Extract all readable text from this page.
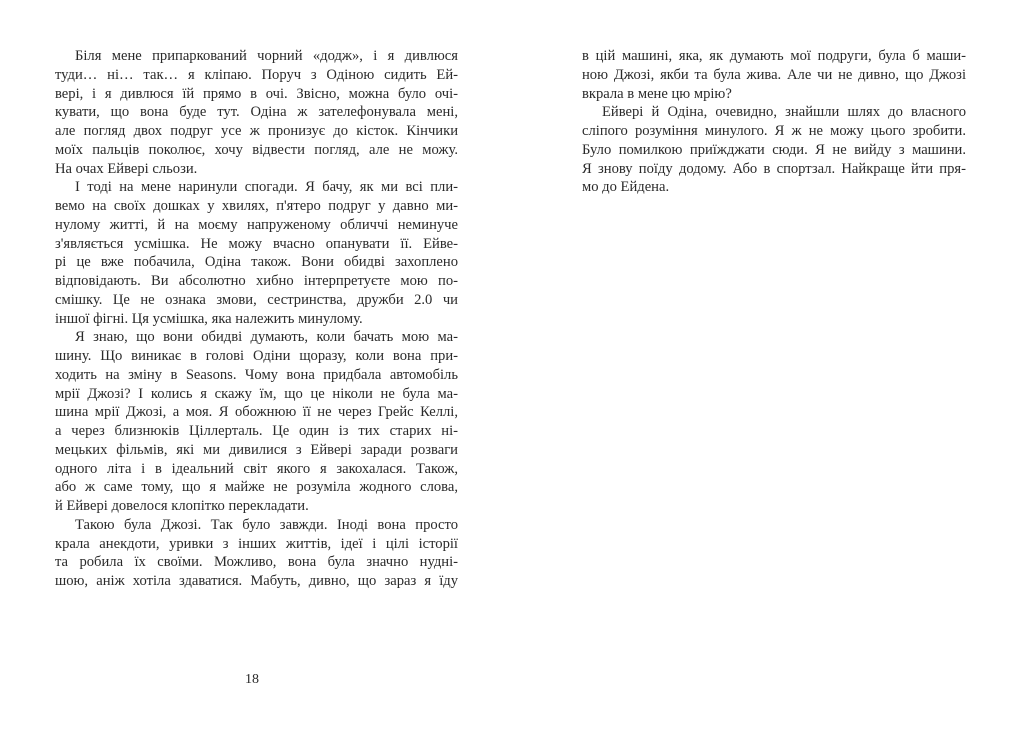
Біля мене припаркований чорний «додж», і я дивлюся
туди… ні… так… я кліпаю. Поруч з Одіною сидить Ей-
вері, і я дивлюся їй прямо в очі. Звісно, можна було очі-
кувати, що вона буде тут. Одіна ж зателефонувала мені,
але погляд двох подруг усе ж пронизує до кісток. Кінчики
моїх пальців поколює, хочу відвести погляд, але не можу.
На очах Ейвері сльози.
І тоді на мене наринули спогади. Я бачу, як ми всі пли-
вемо на своїх дошках у хвилях, п'ятеро подруг у давно ми-
нулому житті, й на моєму напруженому обличчі неминуче
з'являється усмішка. Не можу вчасно опанувати її. Ейве-
рі це вже побачила, Одіна також. Вони обидві захоплено
відповідають. Ви абсолютно хибно інтерпретуєте мою по-
смішку. Це не ознака змови, сестринства, дружби 2.0 чи
іншої фігні. Ця усмішка, яка належить минулому.
Я знаю, що вони обидві думають, коли бачать мою ма-
шину. Що виникає в голові Одіни щоразу, коли вона при-
ходить на зміну в Seasons. Чому вона придбала автомобіль
мрії Джозі? І колись я скажу їм, що це ніколи не була ма-
шина мрії Джозі, а моя. Я обожнюю її не через Грейс Келлі,
а через близнюків Ціллерталь. Це один із тих старих ні-
мецьких фільмів, які ми дивилися з Ейвері заради розваги
одного літа і в ідеальний світ якого я закохалася. Також,
або ж саме тому, що я майже не розуміла жодного слова,
й Ейвері довелося клопітко перекладати.
Такою була Джозі. Так було завжди. Іноді вона просто
крала анекдоти, уривки з інших життів, ідеї і цілі історії
та робила їх своїми. Можливо, вона була значно нудні-
шою, аніж хотіла здаватися. Мабуть, дивно, що зараз я їду
в цій машині, яка, як думають мої подруги, була б маши-
ною Джозі, якби та була жива. Але чи не дивно, що Джозі
вкрала в мене цю мрію?
Ейвері й Одіна, очевидно, знайшли шлях до власного
сліпого розуміння минулого. Я ж не можу цього зробити.
Було помилкою приїжджати сюди. Я не вийду з машини.
Я знову поїду додому. Або в спортзал. Найкраще йти пря-
мо до Ейдена.
18
